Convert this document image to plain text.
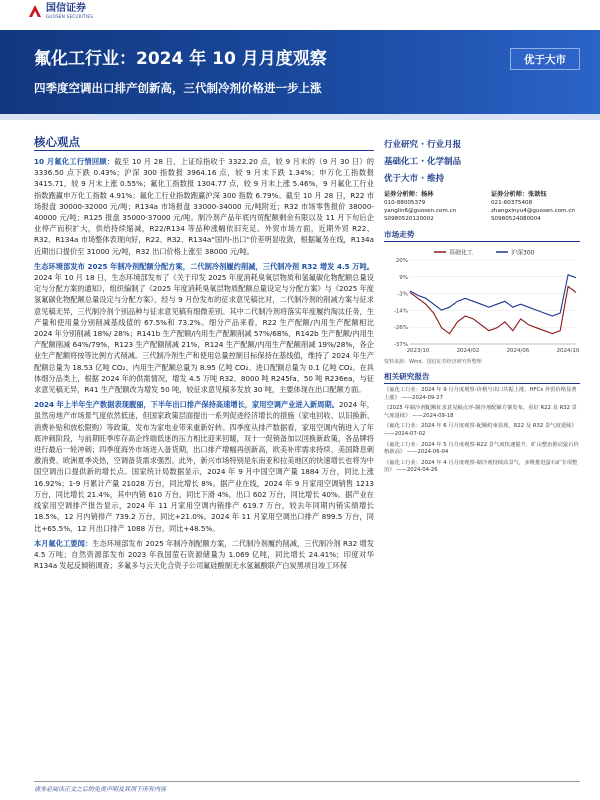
国信证券
GUOSEN SECURITIES
氟化工行业：2024 年 10 月月度观察
四季度空调出口排产创新高，三代制冷剂价格进一步上涨
优于大市
核心观点

10 月氟化工行情回顾：截至 10 月 28 日，上证综指收于 3322.20 点，较 9 月末的（9 月 30 日）的 3336.50 点下跌 0.43%；沪深 300 指数报 3964.16 点，较 9 月末下跌 1.34%；申万化工指数报 3415.71，较 9 月末上涨 0.55%；氟化工指数报 1304.77 点，较 9 月末上涨 5.46%，9 月氟化工行业指数跑赢申万化工指数 4.91%；氟化工行业指数跑赢沪深 300 指数 6.79%。截至 10 月 28 日，R22 市场报盘 30000-32000 元/吨；R134a 市场报盘 33000-34000 元/吨附近；R32 市场零售报价 38000-40000 元/吨；R125 报盘 35000-37000 元/吨。制冷剂产品年底内贸配额剩余有限以及 11 月下旬后企业停产而积扩大，供给持续缩减，R22/R134 等品种涨幅依旧充足。外贸市场方面，近期外贸 R22、R32、R134a 市场整体表现向好，R22、R32、R134a“国内-出口”价差明显收敛，根据氟务在线，R134a 近期出口提价至 31000 元/吨，R32 出口价格上涨至 38000 元/吨。

生态环境部发布 2025 年制冷剂配额分配方案，二代制冷剂履约削减，三代制冷剂 R32 增发 4.5 万吨。2024 年 10 月 18 日，生态环境部发布了《关于印发 2025 年度消耗臭氧层物质和氢氟碳化物配额总量设定与分配方案的通知》，组织编制了《2025 年度消耗臭氧层物质配额总量设定与分配方案》与《2025 年度氢氟碳化物配额总量设定与分配方案》，经与 9 月份发布的征求意见稿比对，二代制冷剂的削减方案与征求意见稿无异，三代制冷剂个别品种与征求意见稿有细微差别。其中二代制冷剂将落实年度履约淘汰任务，生产量和使用量分别削减基线值的 67.5%和 73.2%。细分产品来看，R22 生产配额/内用生产配额相比 2024 年分别削减 18%/ 28%；R141b 生产配额/内用生产配额削减 57%/68%，R142b 生产配额/内用生产配额削减 64%/79%，R123 生产配额削减 21%，R124 生产配额/内用生产配额削减 19%/28%，各企业生产配额将按等比例方式削减。三代制冷剂生产和使用总量控制目标保持在基线值，维持了 2024 年生产配额总量为 18.53 亿吨 CO₂、内用生产配额总量为 8.95 亿吨 CO₂、进口配额总量为 0.1 亿吨 CO₂。在具体细分品类上，根据 2024 年的供需情况，增发 4.5 万吨 R32、8000 吨 R245fa、50 吨 R236ea，与征求意见稿无异，R41 生产配额改为增发 50 吨，较征求意见稿多发放 30 吨，主要体现在出口配额方面。

2024 年上半年生产数据表现靓丽，下半年出口排产保持高速增长，家用空调产业进入新周期。2024 年，虽然房地产市场景气度依然低迷，但国家政策层面提出一系列促进经济增长的措施（家电回收、以旧换新、消费补贴和放松限购）等政策，发布为家电业带来重新好转。四季度从排产数据看，家用空调内销进入了年底冲刺阶段，与前期旺季库存高企终端低迷的压力相比迎来回暖，双十一促销备加以回换新政策，各品牌将进行最后一轮冲刺；四季度海外市场进入备货期，出口排产增幅再创新高，欧美补库需求持续、美国降息刺激消费、欧洲夏季炎热，空调备货需求强烈。此外，新兴市场特别是东南亚和拉美地区的快速增长也将为中国空调出口提供新的增长点。国家统计局数据显示，2024 年 9 月中国空调产量 1884 万台，同比上涨 16.92%；1-9 月累计产量 21028 万台，同比增长 8%。据产业在线，2024 年 9 月家用空调销售 1213 万台，同比增长 21.4%，其中内销 610 万台，同比下滑 4%，出口 602 万台，同比增长 40%。据产业在线家用空调排产报告显示，2024 年 11 月家用空调内销排产 619.7 万台，较去年同期内销实绩增长 18.5%，12 月内销排产 739.2 万台，同比+21.0%。2024 年 11 月家用空调出口排产 899.5 万台，同比+65.5%，12 月出口排产 1088 万台，同比+48.5%。

本月氟化工要闻：生态环境部发布 2025 年制冷剂配额方案，二代制冷剂履约削减，三代制冷剂 R32 增发 4.5 万吨；自然资源部发布 2023 年我国萤石资源储量为 1.069 亿吨，同比增长 24.41%；印度对华 R134a 发起反倾销调查；多氟多与云天化合资子公司氟硅酸制无水氢氟酸联产白炭黑项目竣工环保

行业研究 · 行业月报
基础化工 · 化学制品
优于大市 · 维持
证券分析师：杨林
010-88005379
yanglin6@guosen.com.cn
S0980520120002
证券分析师：张歆钰
021-60375408
zhangxinyu4@guosen.com.cn
S0980524080004
市场走势
基础化工	沪深300
20%
9%
-3%
-14%
-26%
-37%
2023/10	2024/02	2024/06	2024/10
资料来源：Wind、国信证券经济研究所整理
相关研究报告
《氟化工行业：2024 年 9 月月度观察-价格与出口共振上涨，HFCs 外贸价格显著上涨》 ——2024-09-27
《2025 年制冷剂配额征求意见稿点评-制冷剂配额方案发布，看好 R22 及 R32 景气度延续》 ——2024-09-18
《氟化工行业：2024 年 6 月月度观察-配额约束显现，R22 及 R32 景气度延续》 ——2024-07-02
《氟化工行业：2024 年 5 月月度观察-R22 景气度快速提升，矿山整治推动萤石价格新高》 ——2024-06-04
《氟化工行业：2024 年 4 月月度观察-制冷剂持续高景气，多维推进萤石矿专项整治》 ——2024-04-26
请务必阅读正文之后的免责声明及其项下所有内容
